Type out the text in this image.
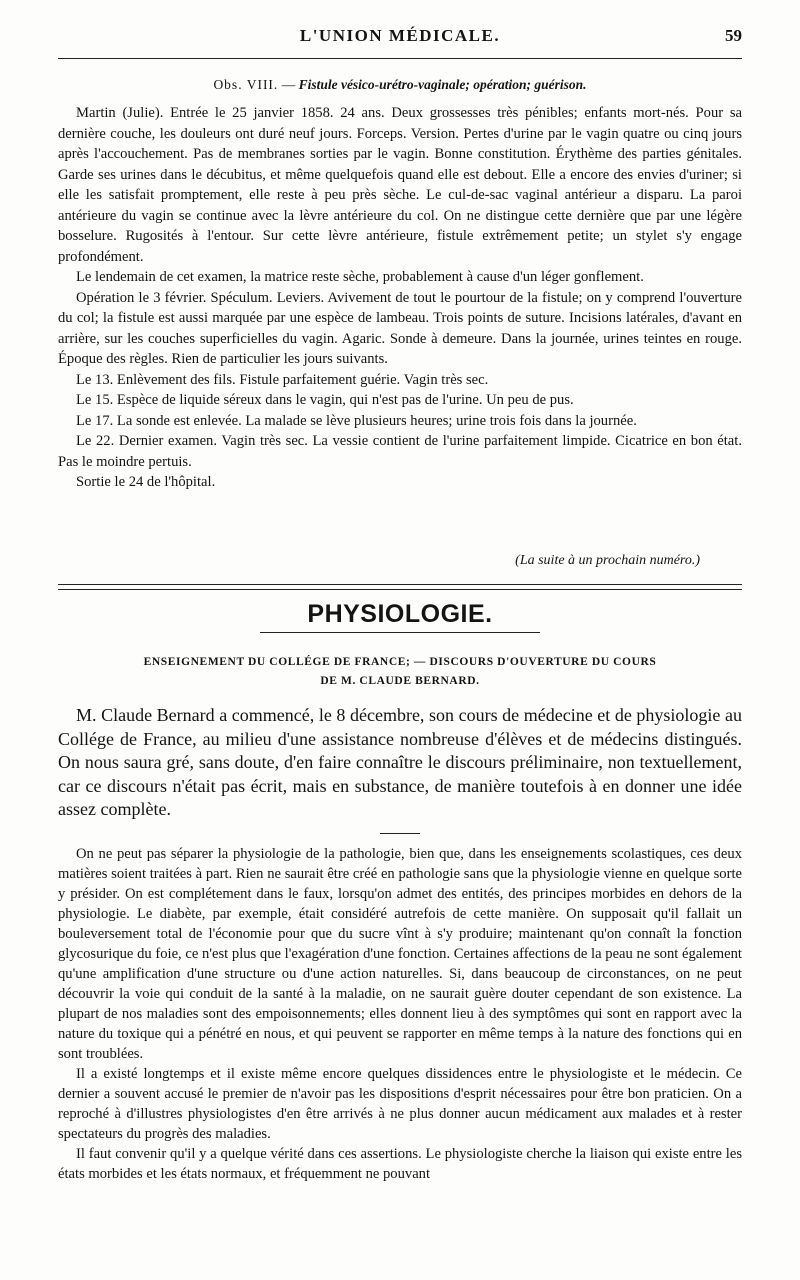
L'UNION MÉDICALE.	59
Obs. VIII. — Fistule vésico-urétro-vaginale; opération; guérison.

Martin (Julie). Entrée le 25 janvier 1858. 24 ans. Deux grossesses très pénibles; enfants mort-nés. Pour sa dernière couche, les douleurs ont duré neuf jours. Forceps. Version. Pertes d'urine par le vagin quatre ou cinq jours après l'accouchement. Pas de membranes sorties par le vagin. Bonne constitution. Érythème des parties génitales. Garde ses urines dans le décubitus, et même quelquefois quand elle est debout. Elle a encore des envies d'uriner; si elle les satisfait promptement, elle reste à peu près sèche. Le cul-de-sac vaginal antérieur a disparu. La paroi antérieure du vagin se continue avec la lèvre antérieure du col. On ne distingue cette dernière que par une légère bosselure. Rugosités à l'entour. Sur cette lèvre antérieure, fistule extrêmement petite; un stylet s'y engage profondément.

Le lendemain de cet examen, la matrice reste sèche, probablement à cause d'un léger gonflement.

Opération le 3 février. Spéculum. Leviers. Avivement de tout le pourtour de la fistule; on y comprend l'ouverture du col; la fistule est aussi marquée par une espèce de lambeau. Trois points de suture. Incisions latérales, d'avant en arrière, sur les couches superficielles du vagin. Agaric. Sonde à demeure. Dans la journée, urines teintes en rouge. Époque des règles. Rien de particulier les jours suivants.

Le 13. Enlèvement des fils. Fistule parfaitement guérie. Vagin très sec.

Le 15. Espèce de liquide séreux dans le vagin, qui n'est pas de l'urine. Un peu de pus.

Le 17. La sonde est enlevée. La malade se lève plusieurs heures; urine trois fois dans la journée.

Le 22. Dernier examen. Vagin très sec. La vessie contient de l'urine parfaitement limpide. Cicatrice en bon état. Pas le moindre pertuis.

Sortie le 24 de l'hôpital.

(La suite à un prochain numéro.)
PHYSIOLOGIE.
ENSEIGNEMENT DU COLLÉGE DE FRANCE; — DISCOURS D'OUVERTURE DU COURS
DE M. CLAUDE BERNARD.

M. Claude Bernard a commencé, le 8 décembre, son cours de médecine et de physiologie au Collége de France, au milieu d'une assistance nombreuse d'élèves et de médecins distingués. On nous saura gré, sans doute, d'en faire connaître le discours préliminaire, non textuellement, car ce discours n'était pas écrit, mais en substance, de manière toutefois à en donner une idée assez complète.

On ne peut pas séparer la physiologie de la pathologie, bien que, dans les enseignements scolastiques, ces deux matières soient traitées à part. Rien ne saurait être créé en pathologie sans que la physiologie vienne en quelque sorte y présider. On est complétement dans le faux, lorsqu'on admet des entités, des principes morbides en dehors de la physiologie. Le diabète, par exemple, était considéré autrefois de cette manière. On supposait qu'il fallait un bouleversement total de l'économie pour que du sucre vînt à s'y produire; maintenant qu'on connaît la fonction glycosurique du foie, ce n'est plus que l'exagération d'une fonction. Certaines affections de la peau ne sont également qu'une amplification d'une structure ou d'une action naturelles. Si, dans beaucoup de circonstances, on ne peut découvrir la voie qui conduit de la santé à la maladie, on ne saurait guère douter cependant de son existence. La plupart de nos maladies sont des empoisonnements; elles donnent lieu à des symptômes qui sont en rapport avec la nature du toxique qui a pénétré en nous, et qui peuvent se rapporter en même temps à la nature des fonctions qui en sont troublées.

Il a existé longtemps et il existe même encore quelques dissidences entre le physiologiste et le médecin. Ce dernier a souvent accusé le premier de n'avoir pas les dispositions d'esprit nécessaires pour être bon praticien. On a reproché à d'illustres physiologistes d'en être arrivés à ne plus donner aucun médicament aux malades et à rester spectateurs du progrès des maladies.

Il faut convenir qu'il y a quelque vérité dans ces assertions. Le physiologiste cherche la liaison qui existe entre les états morbides et les états normaux, et fréquemment ne pouvant
